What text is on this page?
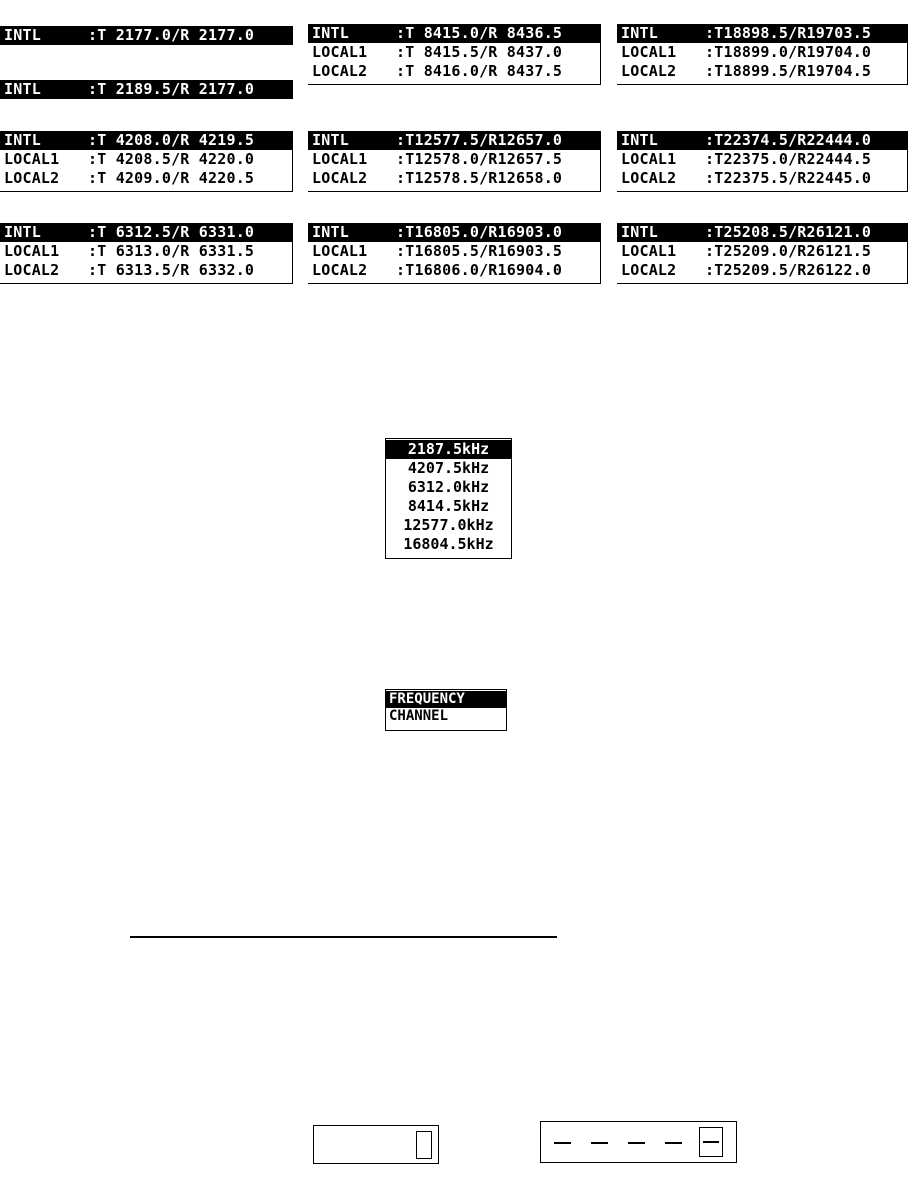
INTL	:T 2177.0/R 2177.0
INTL	:T 2189.5/R 2177.0
INTL	:T 8415.0/R 8436.5
LOCAL1 :T 8415.5/R 8437.0
LOCAL2 :T 8416.0/R 8437.5
INTL	:T18898.5/R19703.5
LOCAL1 :T18899.0/R19704.0
LOCAL2 :T18899.5/R19704.5
INTL	:T 4208.0/R 4219.5
LOCAL1 :T 4208.5/R 4220.0
LOCAL2 :T 4209.0/R 4220.5
INTL	:T12577.5/R12657.0
LOCAL1 :T12578.0/R12657.5
LOCAL2 :T12578.5/R12658.0
INTL	:T22374.5/R22444.0
LOCAL1 :T22375.0/R22444.5
LOCAL2 :T22375.5/R22445.0
INTL	:T 6312.5/R 6331.0
LOCAL1 :T 6313.0/R 6331.5
LOCAL2 :T 6313.5/R 6332.0
INTL	:T16805.0/R16903.0
LOCAL1 :T16805.5/R16903.5
LOCAL2 :T16806.0/R16904.0
INTL	:T25208.5/R26121.0
LOCAL1 :T25209.0/R26121.5
LOCAL2 :T25209.5/R26122.0
2187.5kHz
4207.5kHz
6312.0kHz
8414.5kHz
12577.0kHz
16804.5kHz
FREQUENCY
CHANNEL
